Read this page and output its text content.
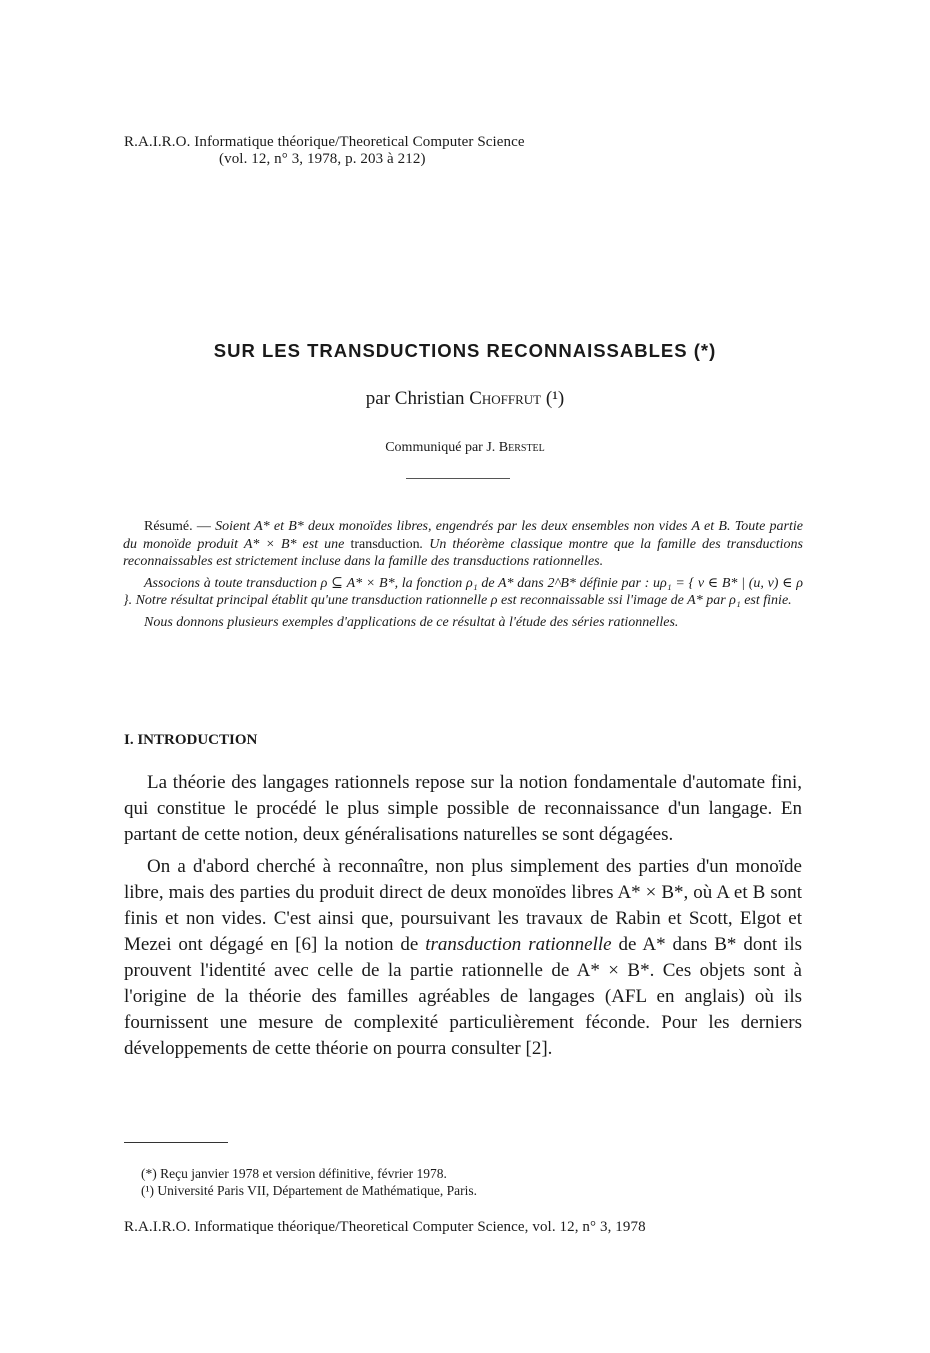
R.A.I.R.O. Informatique théorique/Theoretical Computer Science
(vol. 12, n° 3, 1978, p. 203 à 212)
SUR LES TRANSDUCTIONS RECONNAISSABLES (*)
par Christian Choffrut (¹)
Communiqué par J. Berstel

Résumé. — Soient A* et B* deux monoïdes libres, engendrés par les deux ensembles non vides A et B. Toute partie du monoïde produit A* × B* est une transduction. Un théorème classique montre que la famille des transductions reconnaissables est strictement incluse dans la famille des transductions rationnelles.

Associons à toute transduction ρ ⊆ A* × B*, la fonction ρ₁ de A* dans 2^B* définie par : uρ₁ = { v ∈ B* | (u, v) ∈ ρ }. Notre résultat principal établit qu'une transduction rationnelle ρ est reconnaissable ssi l'image de A* par ρ₁ est finie.

Nous donnons plusieurs exemples d'applications de ce résultat à l'étude des séries rationnelles.

I. INTRODUCTION

La théorie des langages rationnels repose sur la notion fondamentale d'automate fini, qui constitue le procédé le plus simple possible de reconnaissance d'un langage. En partant de cette notion, deux généralisations naturelles se sont dégagées.

On a d'abord cherché à reconnaître, non plus simplement des parties d'un monoïde libre, mais des parties du produit direct de deux monoïdes libres A* × B*, où A et B sont finis et non vides. C'est ainsi que, poursuivant les travaux de Rabin et Scott, Elgot et Mezei ont dégagé en [6] la notion de transduction rationnelle de A* dans B* dont ils prouvent l'identité avec celle de la partie rationnelle de A* × B*. Ces objets sont à l'origine de la théorie des familles agréables de langages (AFL en anglais) où ils fournissent une mesure de complexité particulièrement féconde. Pour les derniers développements de cette théorie on pourra consulter [2].

(*) Reçu janvier 1978 et version définitive, février 1978.
(¹) Université Paris VII, Département de Mathématique, Paris.
R.A.I.R.O. Informatique théorique/Theoretical Computer Science, vol. 12, n° 3, 1978
